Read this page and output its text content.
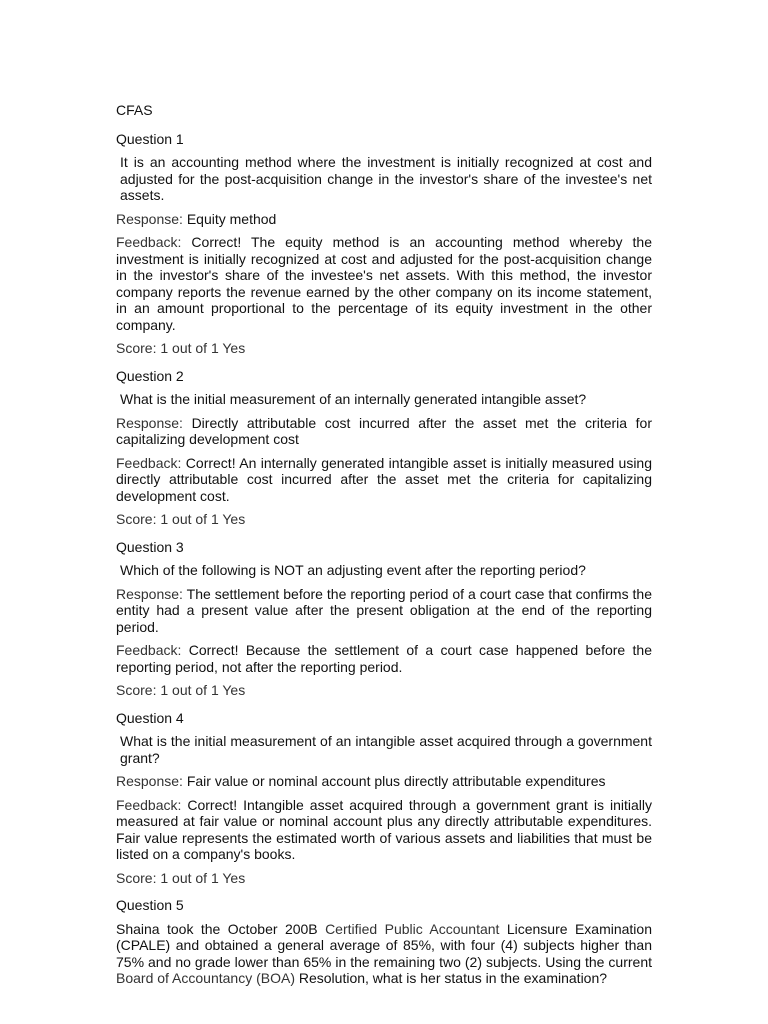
CFAS
Question 1
It is an accounting method where the investment is initially recognized at cost and adjusted for the post-acquisition change in the investor's share of the investee's net assets.
Response: Equity method
Feedback: Correct! The equity method is an accounting method whereby the investment is initially recognized at cost and adjusted for the post-acquisition change in the investor's share of the investee's net assets. With this method, the investor company reports the revenue earned by the other company on its income statement, in an amount proportional to the percentage of its equity investment in the other company.
Score: 1 out of 1 Yes
Question 2
What is the initial measurement of an internally generated intangible asset?
Response: Directly attributable cost incurred after the asset met the criteria for capitalizing development cost
Feedback: Correct! An internally generated intangible asset is initially measured using directly attributable cost incurred after the asset met the criteria for capitalizing development cost.
Score: 1 out of 1 Yes
Question 3
Which of the following is NOT an adjusting event after the reporting period?
Response: The settlement before the reporting period of a court case that confirms the entity had a present value after the present obligation at the end of the reporting period.
Feedback: Correct! Because the settlement of a court case happened before the reporting period, not after the reporting period.
Score: 1 out of 1 Yes
Question 4
What is the initial measurement of an intangible asset acquired through a government grant?
Response: Fair value or nominal account plus directly attributable expenditures
Feedback: Correct! Intangible asset acquired through a government grant is initially measured at fair value or nominal account plus any directly attributable expenditures. Fair value represents the estimated worth of various assets and liabilities that must be listed on a company's books.
Score: 1 out of 1 Yes
Question 5
Shaina took the October 200B Certified Public Accountant Licensure Examination (CPALE) and obtained a general average of 85%, with four (4) subjects higher than 75% and no grade lower than 65% in the remaining two (2) subjects. Using the current Board of Accountancy (BOA) Resolution, what is her status in the examination?
